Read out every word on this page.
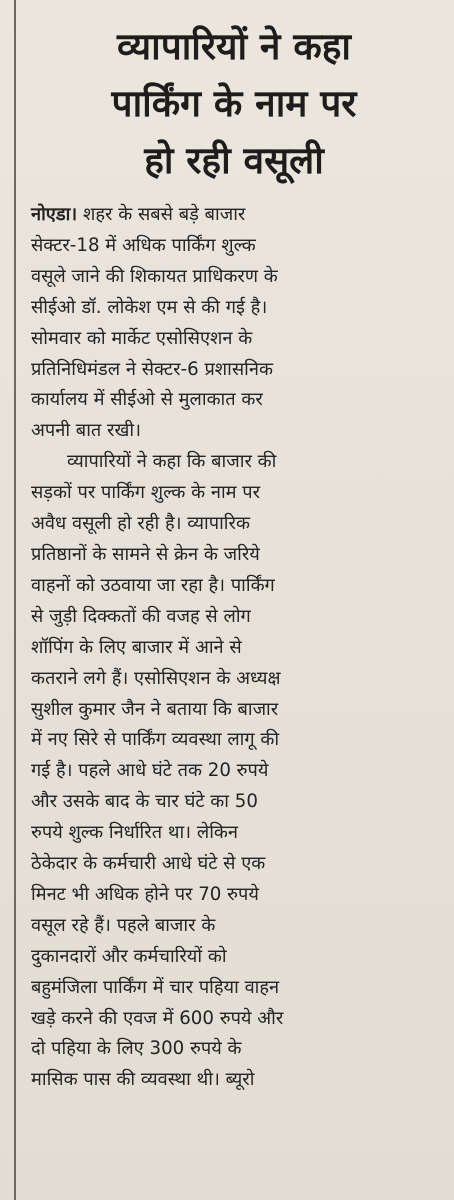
व्यापारियों ने कहा
पार्किंग के नाम पर
हो रही वसूली
नोएडा। शहर के सबसे बड़े बाजार
सेक्टर-18 में अधिक पार्किंग शुल्क
वसूले जाने की शिकायत प्राधिकरण के
सीईओ डॉ. लोकेश एम से की गई है।
सोमवार को मार्केट एसोसिएशन के
प्रतिनिधिमंडल ने सेक्टर-6 प्रशासनिक
कार्यालय में सीईओ से मुलाकात कर
अपनी बात रखी।
व्यापारियों ने कहा कि बाजार की
सड़कों पर पार्किंग शुल्क के नाम पर
अवैध वसूली हो रही है। व्यापारिक
प्रतिष्ठानों के सामने से क्रेन के जरिये
वाहनों को उठवाया जा रहा है। पार्किंग
से जुड़ी दिक्कतों की वजह से लोग
शॉपिंग के लिए बाजार में आने से
कतराने लगे हैं। एसोसिएशन के अध्यक्ष
सुशील कुमार जैन ने बताया कि बाजार
में नए सिरे से पार्किंग व्यवस्था लागू की
गई है। पहले आधे घंटे तक 20 रुपये
और उसके बाद के चार घंटे का 50
रुपये शुल्क निर्धारित था। लेकिन
ठेकेदार के कर्मचारी आधे घंटे से एक
मिनट भी अधिक होने पर 70 रुपये
वसूल रहे हैं। पहले बाजार के
दुकानदारों और कर्मचारियों को
बहुमंजिला पार्किंग में चार पहिया वाहन
खड़े करने की एवज में 600 रुपये और
दो पहिया के लिए 300 रुपये के
मासिक पास की व्यवस्था थी। ब्यूरो
